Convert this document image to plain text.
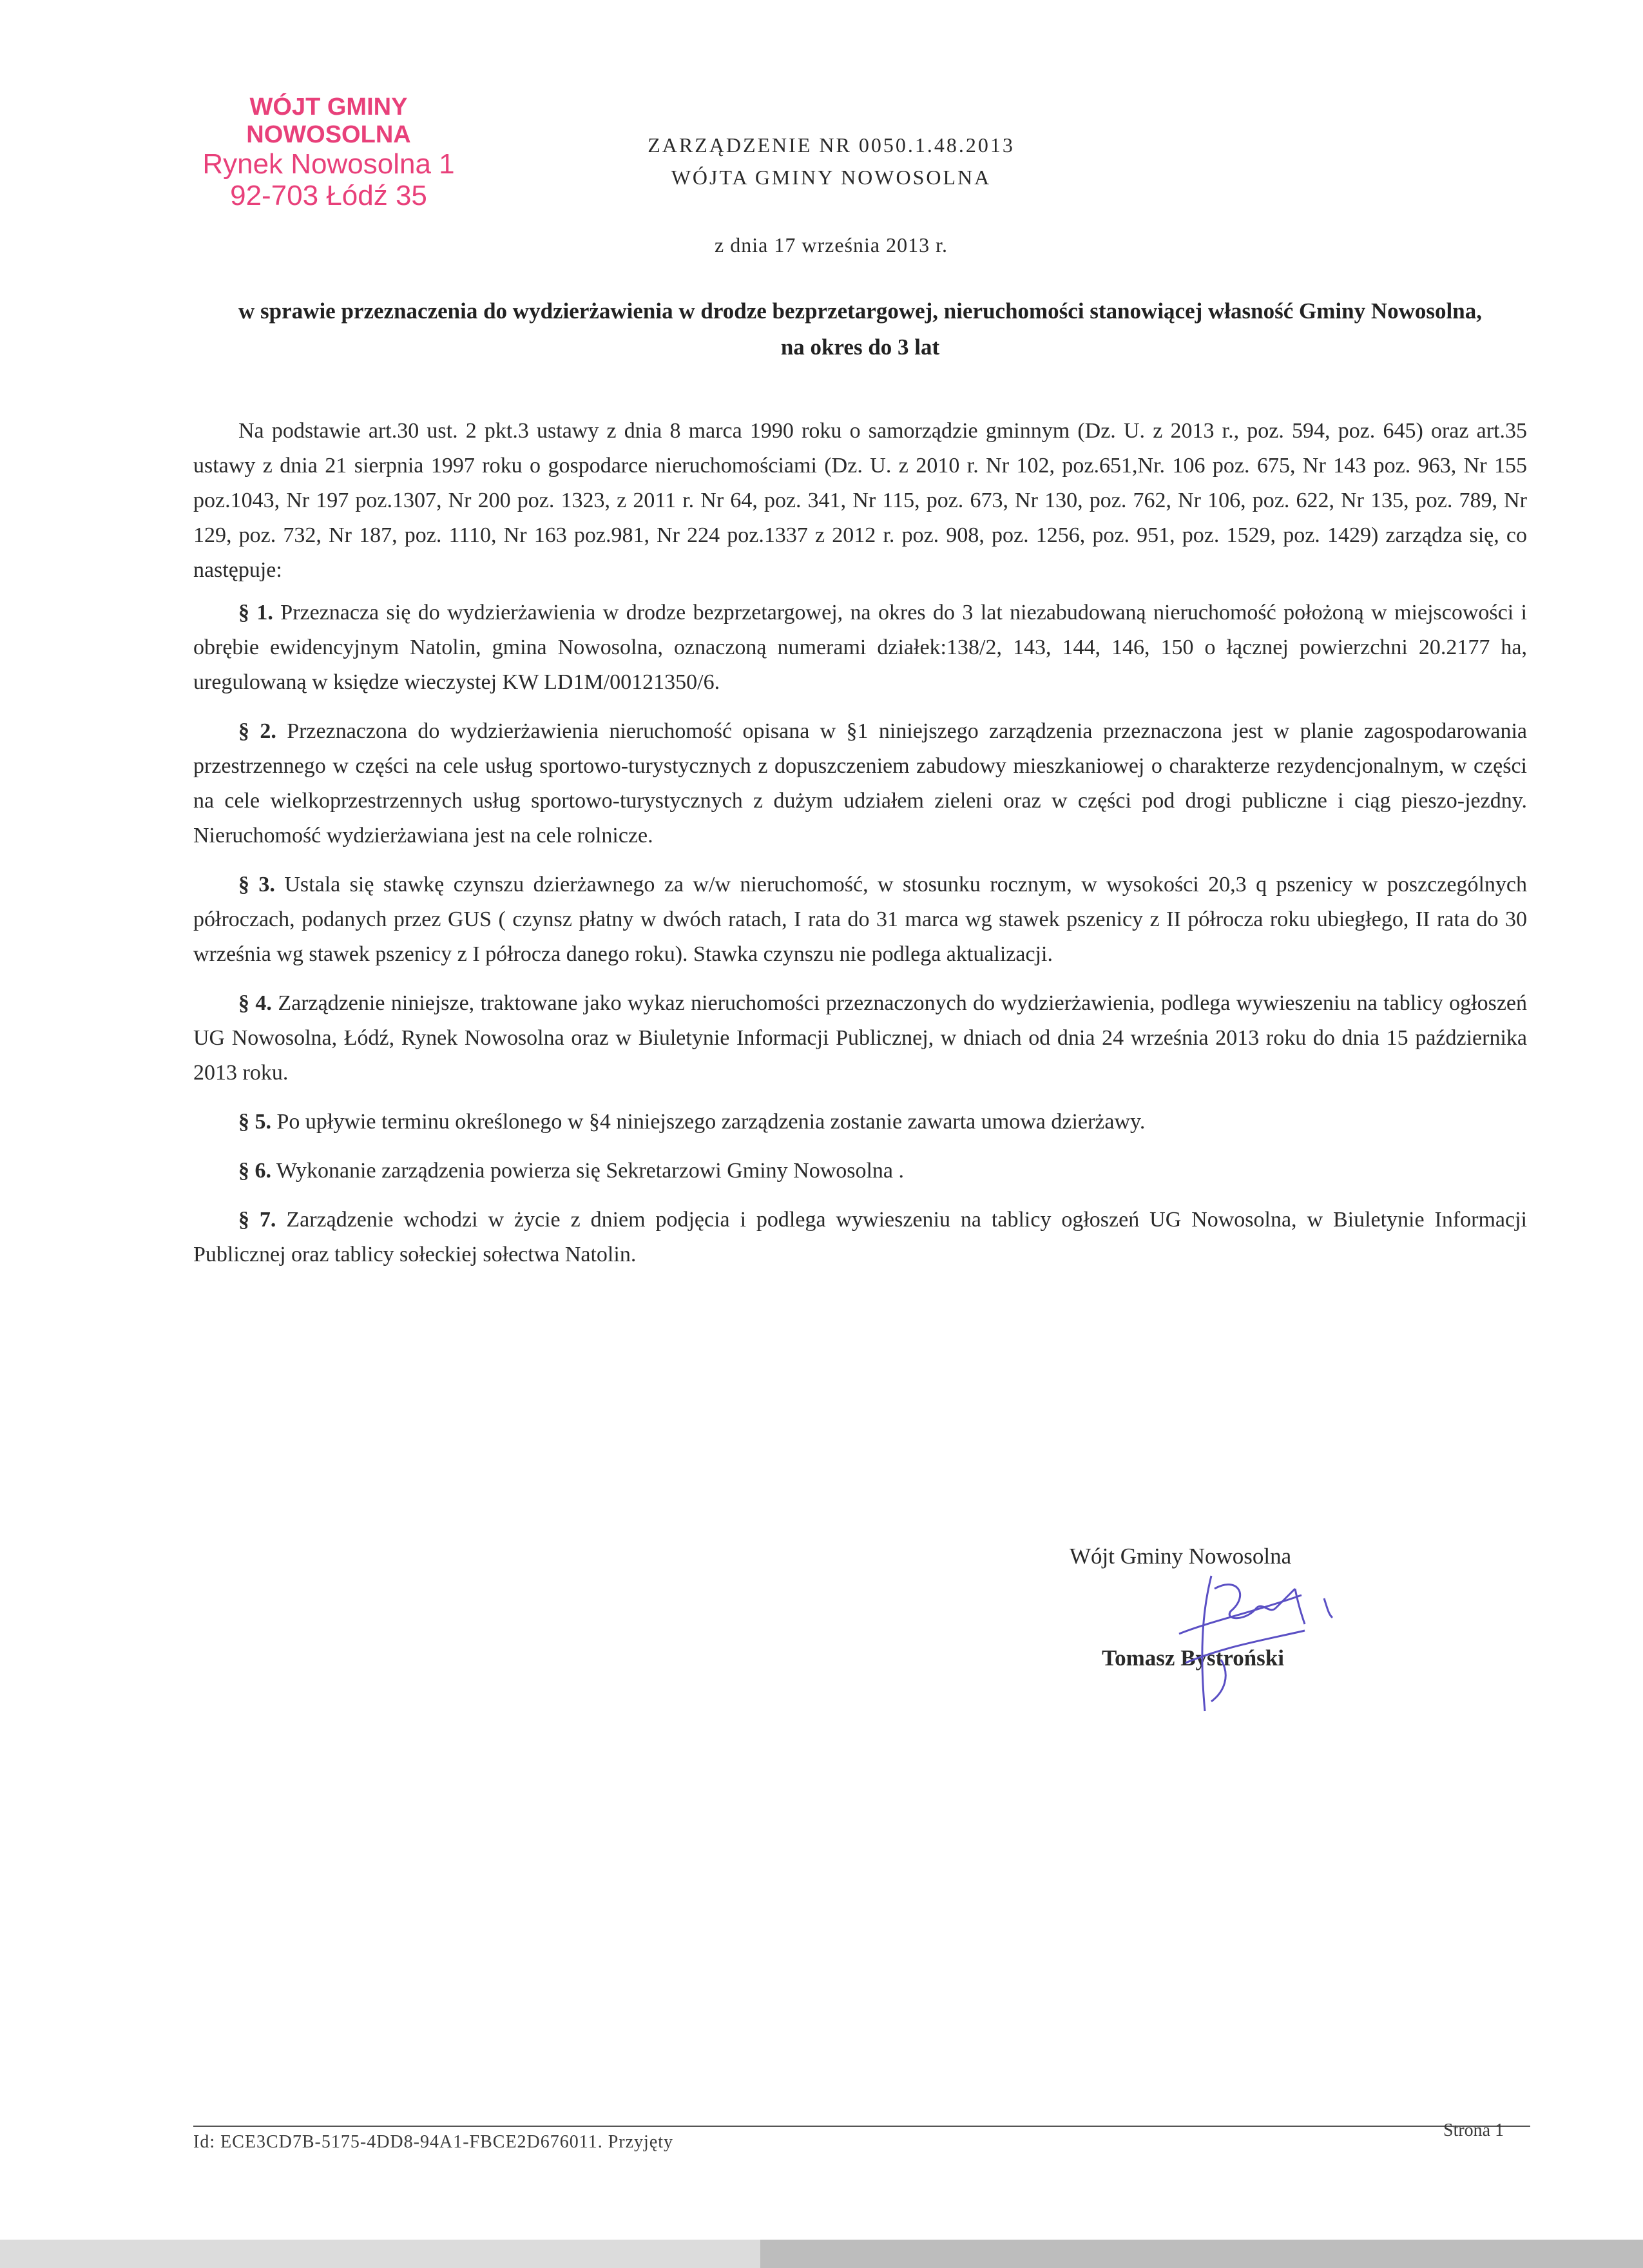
WÓJT GMINY NOWOSOLNA
Rynek Nowosolna 1
92-703 Łódź 35
ZARZĄDZENIE NR 0050.1.48.2013
WÓJTA GMINY NOWOSOLNA
z dnia 17 września 2013 r.
w sprawie przeznaczenia do wydzierżawienia w drodze bezprzetargowej, nieruchomości stanowiącej własność Gminy Nowosolna, na okres do 3 lat

Na podstawie art.30 ust. 2 pkt.3 ustawy z dnia 8 marca 1990 roku o samorządzie gminnym (Dz. U. z 2013 r., poz. 594, poz. 645) oraz art.35 ustawy z dnia 21 sierpnia 1997 roku o gospodarce nieruchomościami (Dz. U. z 2010 r. Nr 102, poz.651,Nr. 106 poz. 675, Nr 143 poz. 963, Nr 155 poz.1043, Nr 197 poz.1307, Nr 200 poz. 1323, z 2011 r. Nr 64, poz. 341, Nr 115, poz. 673, Nr 130, poz. 762, Nr 106, poz. 622, Nr 135, poz. 789, Nr 129, poz. 732, Nr 187, poz. 1110, Nr 163 poz.981, Nr 224 poz.1337 z 2012 r. poz. 908, poz. 1256, poz. 951, poz. 1529, poz. 1429) zarządza się, co następuje:

§ 1. Przeznacza się do wydzierżawienia w drodze bezprzetargowej, na okres do 3 lat niezabudowaną nieruchomość położoną w miejscowości i obrębie ewidencyjnym Natolin, gmina Nowosolna, oznaczoną numerami działek:138/2, 143, 144, 146, 150 o łącznej powierzchni 20.2177 ha, uregulowaną w księdze wieczystej KW LD1M/00121350/6.

§ 2. Przeznaczona do wydzierżawienia nieruchomość opisana w §1 niniejszego zarządzenia przeznaczona jest w planie zagospodarowania przestrzennego w części na cele usług sportowo-turystycznych z dopuszczeniem zabudowy mieszkaniowej o charakterze rezydencjonalnym, w części na cele wielkoprzestrzennych usług sportowo-turystycznych z dużym udziałem zieleni oraz w części pod drogi publiczne i ciąg pieszo-jezdny. Nieruchomość wydzierżawiana jest na cele rolnicze.

§ 3. Ustala się stawkę czynszu dzierżawnego za w/w nieruchomość, w stosunku rocznym, w wysokości 20,3 q pszenicy w poszczególnych półroczach, podanych przez GUS ( czynsz płatny w dwóch ratach, I rata do 31 marca wg stawek pszenicy z II półrocza roku ubiegłego, II rata do 30 września wg stawek pszenicy z I półrocza danego roku). Stawka czynszu nie podlega aktualizacji.

§ 4. Zarządzenie niniejsze, traktowane jako wykaz nieruchomości przeznaczonych do wydzierżawienia, podlega wywieszeniu na tablicy ogłoszeń UG Nowosolna, Łódź, Rynek Nowosolna oraz w Biuletynie Informacji Publicznej, w dniach od dnia 24 września 2013 roku do dnia 15 października 2013 roku.

§ 5. Po upływie terminu określonego w §4 niniejszego zarządzenia zostanie zawarta umowa dzierżawy.

§ 6. Wykonanie zarządzenia powierza się Sekretarzowi Gminy Nowosolna .

§ 7. Zarządzenie wchodzi w życie z dniem podjęcia i podlega wywieszeniu na tablicy ogłoszeń UG Nowosolna, w Biuletynie Informacji Publicznej oraz tablicy sołeckiej sołectwa Natolin.

Wójt Gminy Nowosolna
Tomasz Bystroński
Id: ECE3CD7B-5175-4DD8-94A1-FBCE2D676011. Przyjęty
Strona 1
